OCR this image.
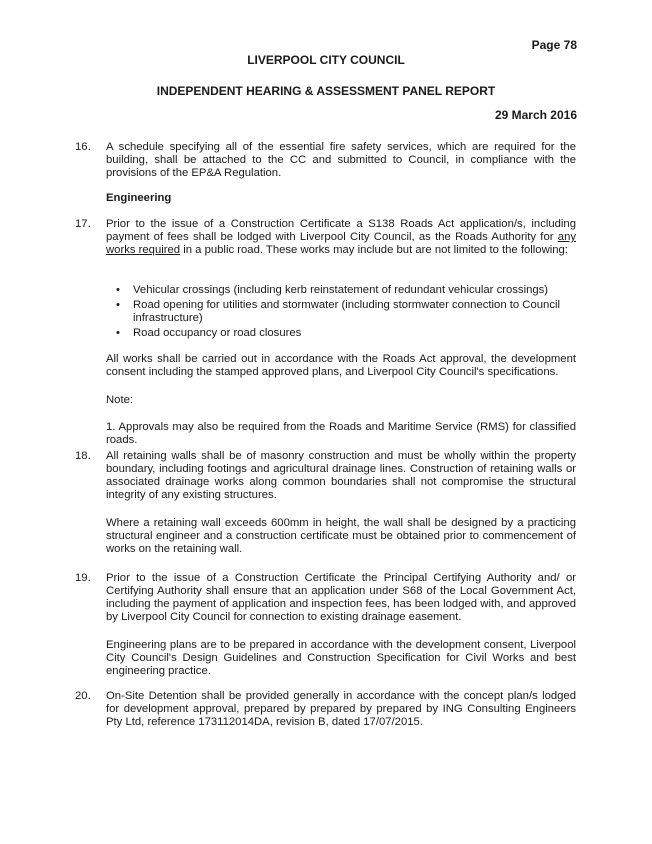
Page 78
LIVERPOOL CITY COUNCIL
INDEPENDENT HEARING & ASSESSMENT PANEL REPORT
29 March 2016
16. A schedule specifying all of the essential fire safety services, which are required for the building, shall be attached to the CC and submitted to Council, in compliance with the provisions of the EP&A Regulation.
Engineering
17. Prior to the issue of a Construction Certificate a S138 Roads Act application/s, including payment of fees shall be lodged with Liverpool City Council, as the Roads Authority for any works required in a public road. These works may include but are not limited to the following:
• Vehicular crossings (including kerb reinstatement of redundant vehicular crossings)
• Road opening for utilities and stormwater (including stormwater connection to Council infrastructure)
• Road occupancy or road closures
All works shall be carried out in accordance with the Roads Act approval, the development consent including the stamped approved plans, and Liverpool City Council's specifications.
Note:
1. Approvals may also be required from the Roads and Maritime Service (RMS) for classified roads.
18. All retaining walls shall be of masonry construction and must be wholly within the property boundary, including footings and agricultural drainage lines. Construction of retaining walls or associated drainage works along common boundaries shall not compromise the structural integrity of any existing structures.
Where a retaining wall exceeds 600mm in height, the wall shall be designed by a practicing structural engineer and a construction certificate must be obtained prior to commencement of works on the retaining wall.
19. Prior to the issue of a Construction Certificate the Principal Certifying Authority and/ or Certifying Authority shall ensure that an application under S68 of the Local Government Act, including the payment of application and inspection fees, has been lodged with, and approved by Liverpool City Council for connection to existing drainage easement.
Engineering plans are to be prepared in accordance with the development consent, Liverpool City Council's Design Guidelines and Construction Specification for Civil Works and best engineering practice.
20. On-Site Detention shall be provided generally in accordance with the concept plan/s lodged for development approval, prepared by prepared by prepared by ING Consulting Engineers Pty Ltd, reference 173112014DA, revision B, dated 17/07/2015.
